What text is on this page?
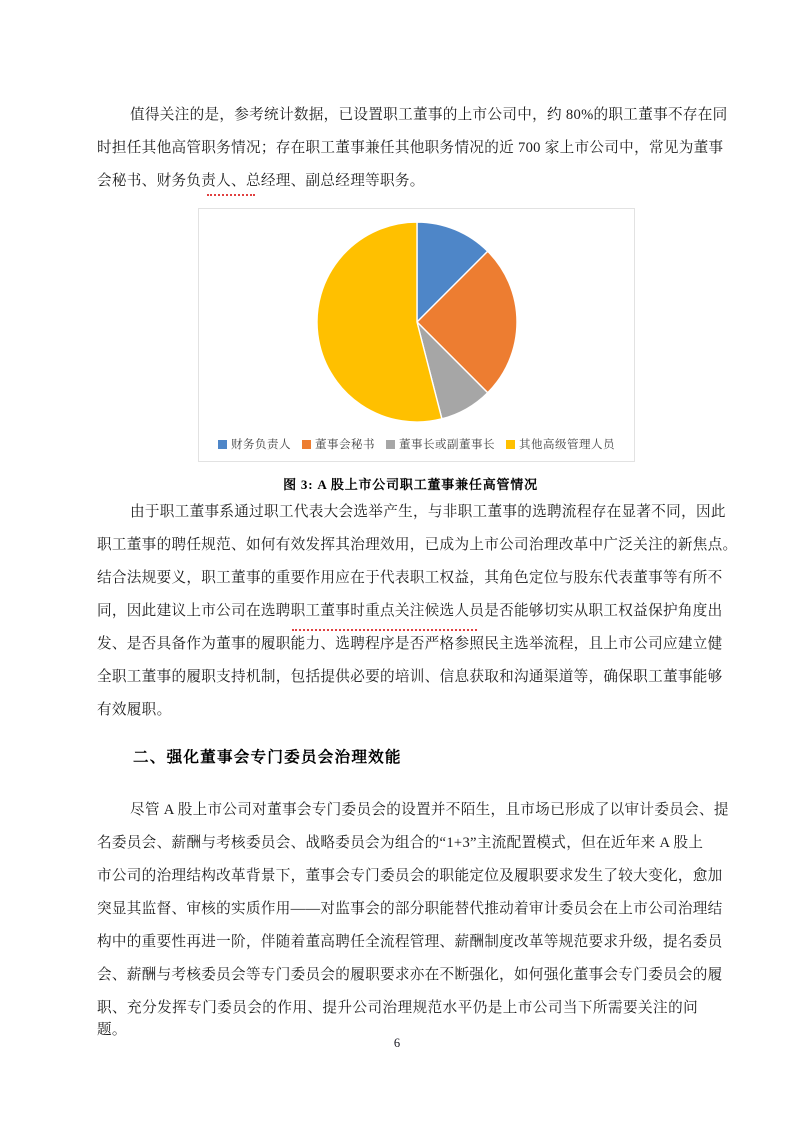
值得关注的是，参考统计数据，已设置职工董事的上市公司中，约 80%的职工董事不存在同
时担任其他高管职务情况；存在职工董事兼任其他职务情况的近 700 家上市公司中，常见为董事
会秘书、财务负责人、总经理、副总经理等职务。
财务负责人 董事会秘书 董事长或副董事长 其他高级管理人员
图 3: A 股上市公司职工董事兼任高管情况
由于职工董事系通过职工代表大会选举产生，与非职工董事的选聘流程存在显著不同，因此
职工董事的聘任规范、如何有效发挥其治理效用，已成为上市公司治理改革中广泛关注的新焦点。
结合法规要义，职工董事的重要作用应在于代表职工权益，其角色定位与股东代表董事等有所不
同，因此建议上市公司在选聘职工董事时重点关注候选人员是否能够切实从职工权益保护角度出
发、是否具备作为董事的履职能力、选聘程序是否严格参照民主选举流程，且上市公司应建立健
全职工董事的履职支持机制，包括提供必要的培训、信息获取和沟通渠道等，确保职工董事能够
有效履职。
二、强化董事会专门委员会治理效能
尽管 A 股上市公司对董事会专门委员会的设置并不陌生，且市场已形成了以审计委员会、提
名委员会、薪酬与考核委员会、战略委员会为组合的“1+3”主流配置模式，但在近年来 A 股上
市公司的治理结构改革背景下，董事会专门委员会的职能定位及履职要求发生了较大变化，愈加
突显其监督、审核的实质作用——对监事会的部分职能替代推动着审计委员会在上市公司治理结
构中的重要性再进一阶，伴随着董高聘任全流程管理、薪酬制度改革等规范要求升级，提名委员
会、薪酬与考核委员会等专门委员会的履职要求亦在不断强化，如何强化董事会专门委员会的履
职、充分发挥专门委员会的作用、提升公司治理规范水平仍是上市公司当下所需要关注的问题。
6
